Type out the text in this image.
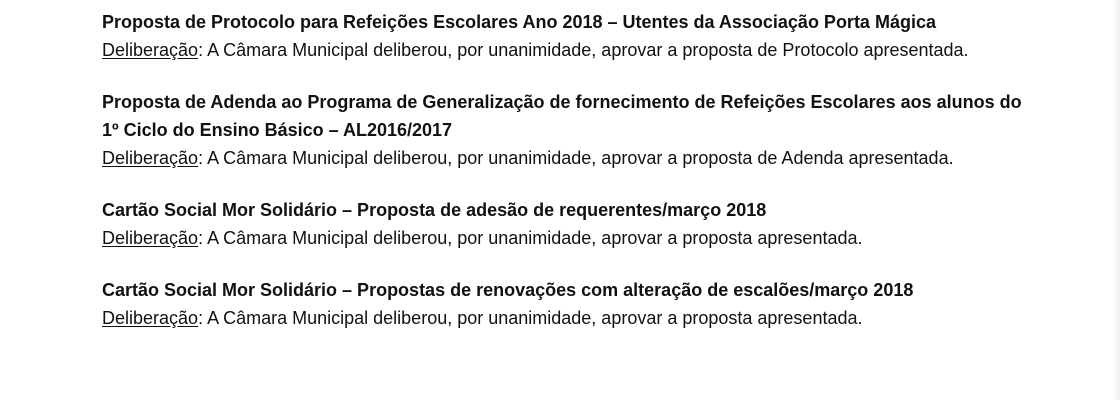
Proposta de Protocolo para Refeições Escolares Ano 2018 – Utentes da Associação Porta Mágica

Deliberação: A Câmara Municipal deliberou, por unanimidade, aprovar a proposta de Protocolo apresentada.

Proposta de Adenda ao Programa de Generalização de fornecimento de Refeições Escolares aos alunos do 1º Ciclo do Ensino Básico – AL2016/2017

Deliberação: A Câmara Municipal deliberou, por unanimidade, aprovar a proposta de Adenda apresentada.

Cartão Social Mor Solidário – Proposta de adesão de requerentes/março 2018

Deliberação: A Câmara Municipal deliberou, por unanimidade, aprovar a proposta apresentada.

Cartão Social Mor Solidário – Propostas de renovações com alteração de escalões/março 2018

Deliberação: A Câmara Municipal deliberou, por unanimidade, aprovar a proposta apresentada.
